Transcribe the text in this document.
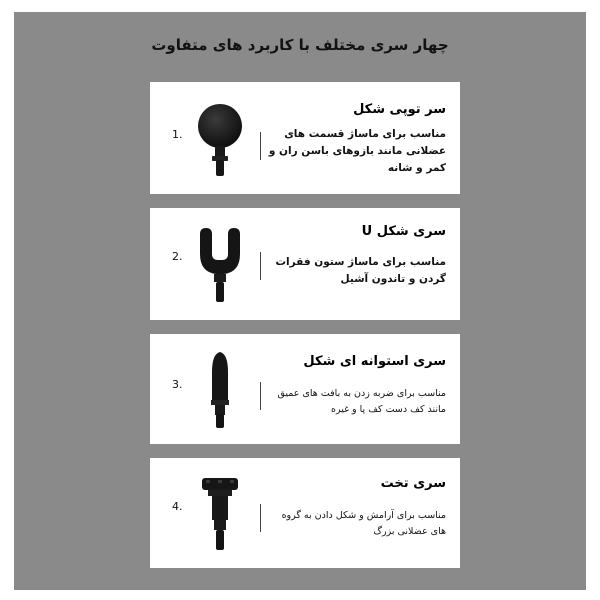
چهار سری مختلف با کاربرد های متفاوت
1.
سر توپی شکل
مناسب برای ماساژ قسمت های عضلانی مانند بازوهای باسن ران و کمر و شانه
2.
سری شکل U
مناسب برای ماساژ ستون فقرات گردن و تاندون آشیل
3.
سری استوانه ای شکل
مناسب برای ضربه زدن به بافت های عمیق مانند کف دست کف پا و غیره
4.
سری تخت
مناسب برای آرامش و شکل دادن به گروه های عضلانی بزرگ
